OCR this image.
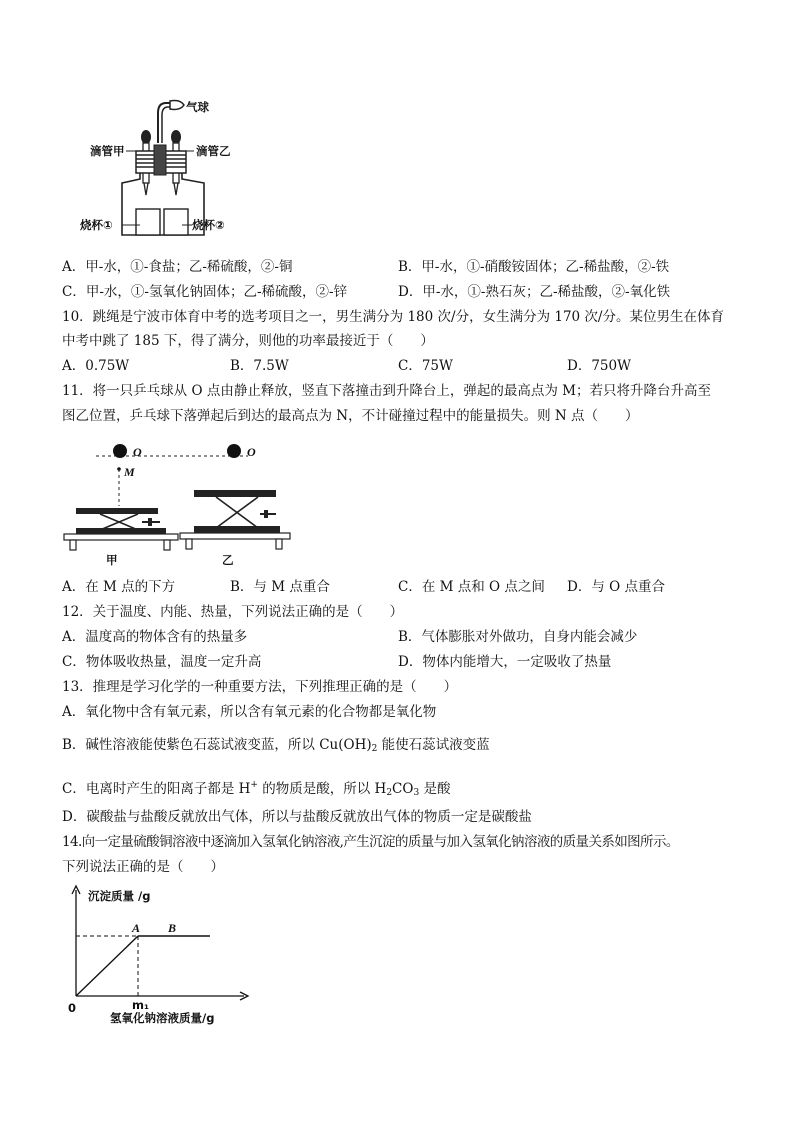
气球
滴管甲	滴管乙
烧杯①	烧杯②
A．甲-水，①-食盐；乙-稀硫酸，②-铜	B．甲-水，①-硝酸铵固体；乙-稀盐酸，②-铁
C．甲-水，①-氢氧化钠固体；乙-稀硫酸，②-锌	D．甲-水，①-熟石灰；乙-稀盐酸，②-氧化铁
10．跳绳是宁波市体育中考的选考项目之一，男生满分为 180 次/分，女生满分为 170 次/分。某位男生在体育
中考中跳了 185 下，得了满分，则他的功率最接近于（　　）
A．0.75W	B．7.5W	C．75W	D．750W
11．将一只乒乓球从 O 点由静止释放，竖直下落撞击到升降台上，弹起的最高点为 M；若只将升降台升高至
图乙位置，乒乓球下落弹起后到达的最高点为 N，不计碰撞过程中的能量损失。则 N 点（　　）
O	O
M
甲	乙
A．在 M 点的下方	B．与 M 点重合	C．在 M 点和 O 点之间 D．与 O 点重合
12．关于温度、内能、热量，下列说法正确的是（　　）
A．温度高的物体含有的热量多	B．气体膨胀对外做功，自身内能会减少
C．物体吸收热量，温度一定升高	D．物体内能增大，一定吸收了热量
13．推理是学习化学的一种重要方法，下列推理正确的是（　　）
A．氧化物中含有氧元素，所以含有氧元素的化合物都是氧化物
B．碱性溶液能使紫色石蕊试液变蓝，所以 $Cu(OH)_2$ 能使石蕊试液变蓝
C．电离时产生的阳离子都是 H+ 的物质是酸，所以 $H_2CO_3$ 是酸
D．碳酸盐与盐酸反就放出气体，所以与盐酸反就放出气体的物质一定是碳酸盐
14.向一定量硫酸铜溶液中逐滴加入氢氧化钠溶液,产生沉淀的质量与加入氢氧化钠溶液的质量关系如图所示。
下列说法正确的是（　　）
沉淀质量 /g
0
氢氧化钠溶液质量/g
A B
m₁
